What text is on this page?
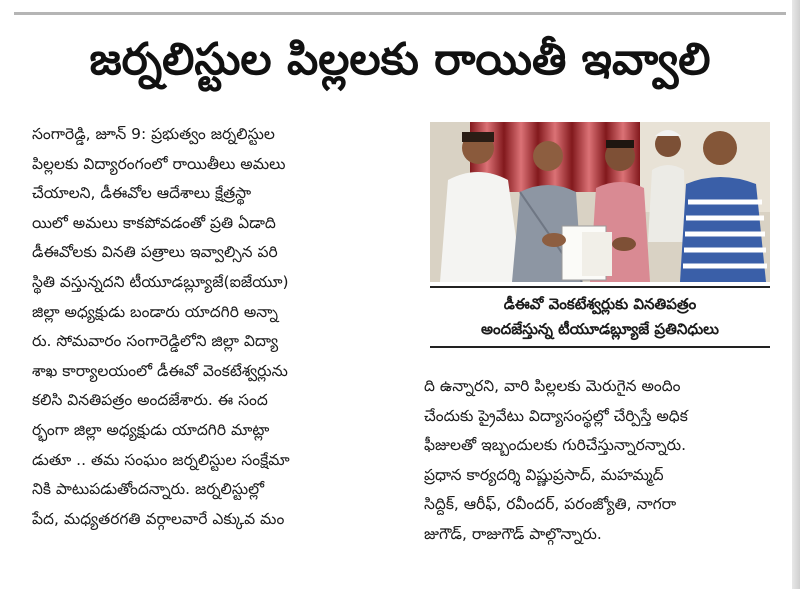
జర్నలిస్టుల పిల్లలకు రాయితీ ఇవ్వాలి
సంగారెడ్డి, జూన్ 9: ప్రభుత్వం జర్నలిస్టుల
పిల్లలకు విద్యారంగంలో రాయితీలు అమలు
చేయాలని, డీఈవోల ఆదేశాలు క్షేత్రస్థా
యిలో అమలు కాకపోవడంతో ప్రతి ఏడాది
డీఈవోలకు వినతి పత్రాలు ఇవ్వాల్సిన పరి
స్థితి వస్తున్నదని టీయూడబ్ల్యూజే(ఐజేయూ)
జిల్లా అధ్యక్షుడు బండారు యాదగిరి అన్నా
రు. సోమవారం సంగారెడ్డిలోని జిల్లా విద్యా
శాఖ కార్యాలయంలో డీఈవో వెంకటేశ్వర్లును
కలిసి వినతిపత్రం అందజేశారు. ఈ సంద
ర్భంగా జిల్లా అధ్యక్షుడు యాదగిరి మాట్లా
డుతూ .. తమ సంఘం జర్నలిస్టుల సంక్షేమా
నికి పాటుపడుతోందన్నారు. జర్నలిస్టుల్లో
పేద, మధ్యతరగతి వర్గాలవారే ఎక్కువ మం
డీఈవో వెంకటేశ్వర్లుకు వినతిపత్రం
అందజేస్తున్న టీయూడబ్ల్యూజే ప్రతినిధులు
ది ఉన్నారని, వారి పిల్లలకు మెరుగైన అందిం
చేందుకు ప్రైవేటు విద్యాసంస్థల్లో చేర్పిస్తే అధిక
ఫీజులతో ఇబ్బందులకు గురిచేస్తున్నారన్నారు.
ప్రధాన కార్యదర్శి విష్ణుప్రసాద్, మహమ్మద్
సిద్దిక్, ఆరీఫ్, రవీందర్, పరంజ్యోతి, నాగరా
జుగౌడ్, రాజుగౌడ్ పాల్గొన్నారు.
